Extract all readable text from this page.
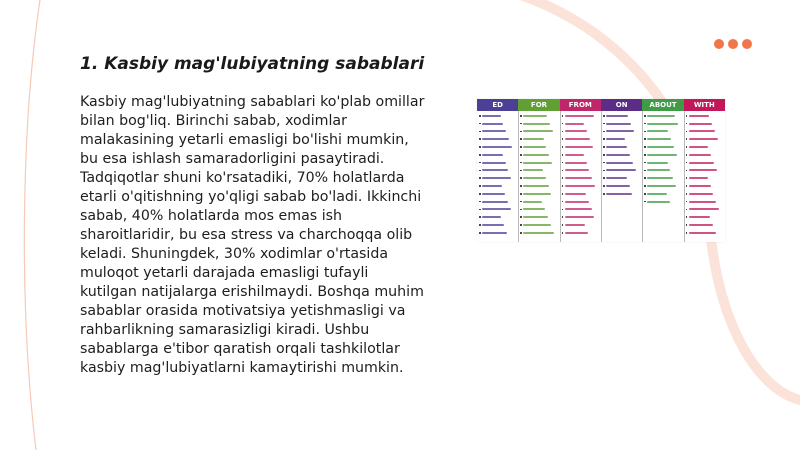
1. Kasbiy mag'lubiyatning sabablari

Kasbiy mag'lubiyatning sabablari ko'plab omillar bilan bog'liq. Birinchi sabab, xodimlar malakasining yetarli emasligi bo'lishi mumkin, bu esa ishlash samaradorligini pasaytiradi. Tadqiqotlar shuni ko'rsatadiki, 70% holatlarda etarli o'qitishning yo'qligi sabab bo'ladi. Ikkinchi sabab, 40% holatlarda mos emas ish sharoitlaridir, bu esa stress va charchoqqa olib keladi. Shuningdek, 30% xodimlar o'rtasida muloqot yetarli darajada emasligi tufayli kutilgan natijalarga erishilmaydi. Boshqa muhim sabablar orasida motivatsiya yetishmasligi va rahbarlikning samarasizligi kiradi. Ushbu sabablarga e'tibor qaratish orqali tashkilotlar kasbiy mag'lubiyatlarni kamaytirishi mumkin.

ED	FOR	FROM	ON	ABOUT	WITH
